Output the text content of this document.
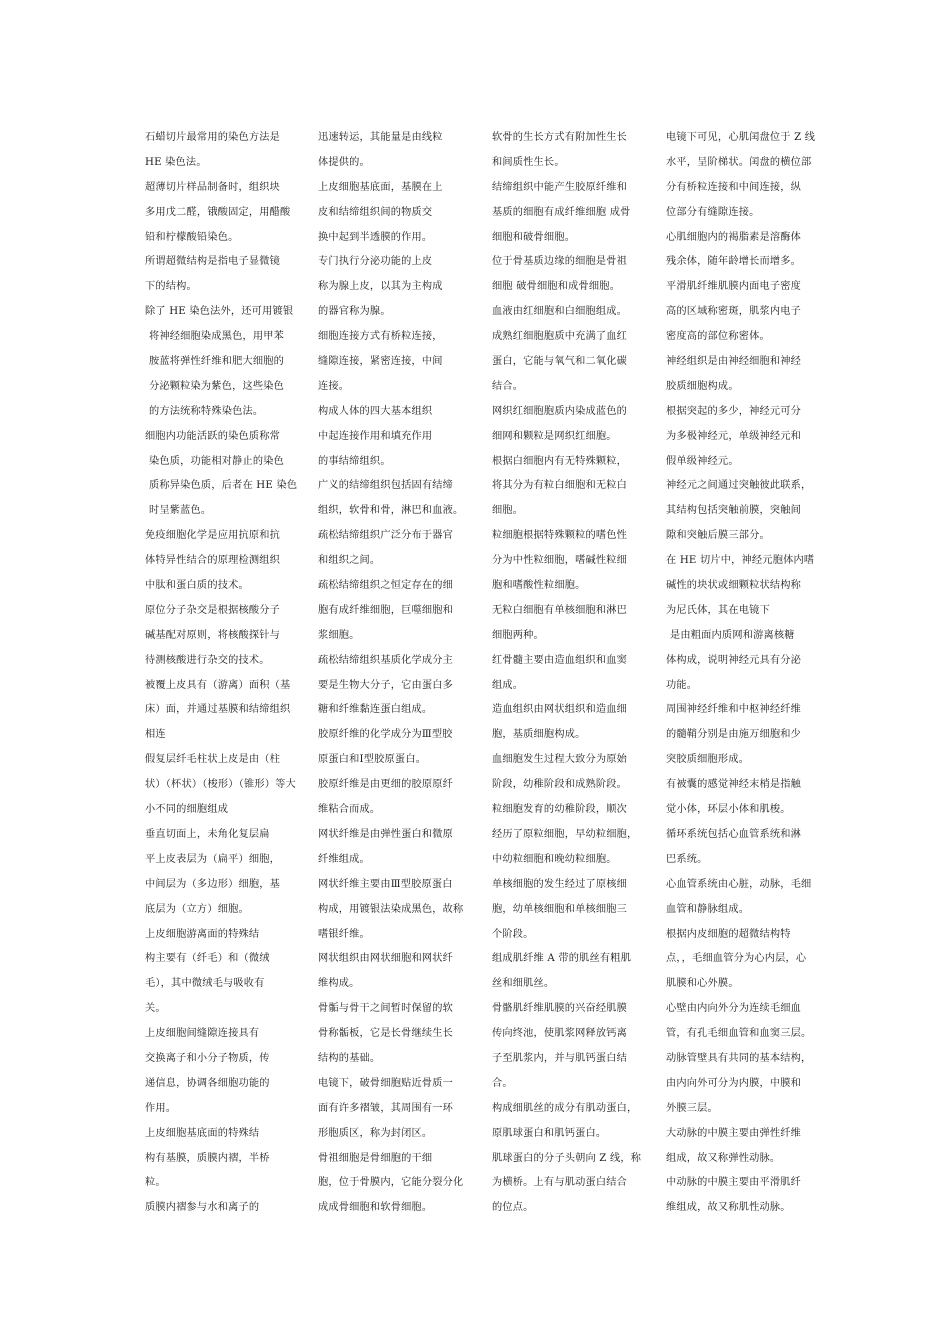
石蜡切片最常用的染色方法是
HE 染色法。
超薄切片样品制备时，组织块
多用戊二醛，锇酸固定，用醋酸
铅和柠檬酸铅染色。
所谓超微结构是指电子显微镜
下的结构。
除了 HE 染色法外，还可用镀银
将神经细胞染成黑色，用甲苯
胺蓝将弹性纤维和肥大细胞的
分泌颗粒染为紫色，这些染色
的方法统称特殊染色法。
细胞内功能活跃的染色质称常
染色质，功能相对静止的染色
质称异染色质，后者在 HE 染色
时呈紫蓝色。
免疫细胞化学是应用抗原和抗
体特异性结合的原理检测组织
中肽和蛋白质的技术。
原位分子杂交是根据核酸分子
碱基配对原则，将核酸探针与
待测核酸进行杂交的技术。
被覆上皮具有（游离）面积（基
床）面，并通过基膜和结缔组织
相连
假复层纤毛柱状上皮是由（柱
状）（杯状）（梭形）（锥形）等大
小不同的细胞组成
垂直切面上，未角化复层扁
平上皮表层为（扁平）细胞，
中间层为（多边形）细胞，基
底层为（立方）细胞。
上皮细胞游离面的特殊结
构主要有（纤毛）和（微绒
毛），其中微绒毛与吸收有
关。
上皮细胞间缝隙连接具有
交换离子和小分子物质，传
递信息，协调各细胞功能的
作用。
上皮细胞基底面的特殊结
构有基膜，质膜内褶，半桥
粒。
质膜内褶参与水和离子的
迅速转运，其能量是由线粒
体提供的。
上皮细胞基底面，基膜在上
皮和结缔组织间的物质交
换中起到半透膜的作用。
专门执行分泌功能的上皮
称为腺上皮，以其为主构成
的器官称为腺。
细胞连接方式有桥粒连接，
缝隙连接，紧密连接，中间
连接。
构成人体的四大基本组织
中起连接作用和填充作用
的事结缔组织。
广义的结缔组织包括固有结缔
组织，软骨和骨，淋巴和血液。
疏松结缔组织广泛分布于器官
和组织之间。
疏松结缔组织之恒定存在的细
胞有成纤维细胞，巨噬细胞和
浆细胞。
疏松结缔组织基质化学成分主
要是生物大分子，它由蛋白多
糖和纤维黏连蛋白组成。
胶原纤维的化学成分为Ⅲ型胶
原蛋白和Ⅰ型胶原蛋白。
胶原纤维是由更细的胶原原纤
维粘合而成。
网状纤维是由弹性蛋白和微原
纤维组成。
网状纤维主要由Ⅲ型胶原蛋白
构成，用镀银法染成黑色，故称
嗜银纤维。
网状组织由网状细胞和网状纤
维构成。
骨骺与骨干之间暂时保留的软
骨称骺板，它是长骨继续生长
结构的基础。
电镜下，破骨细胞贴近骨质一
面有许多褶皱，其周围有一环
形胞质区，称为封闭区。
骨祖细胞是骨细胞的干细
胞，位于骨膜内，它能分裂分化
成成骨细胞和软骨细胞。
软骨的生长方式有附加性生长
和间质性生长。
结缔组织中能产生胶原纤维和
基质的细胞有成纤维细胞 成骨
细胞和破骨细胞。
位于骨基质边缘的细胞是骨祖
细胞 破骨细胞和成骨细胞。
血液由红细胞和白细胞组成。
成熟红细胞胞质中充满了血红
蛋白，它能与氧气和二氧化碳
结合。
网织红细胞胞质内染成蓝色的
细网和颗粒是网织红细胞。
根据白细胞内有无特殊颗粒，
将其分为有粒白细胞和无粒白
细胞。
粒细胞根据特殊颗粒的嗜色性
分为中性粒细胞，嗜碱性粒细
胞和嗜酸性粒细胞。
无粒白细胞有单核细胞和淋巴
细胞两种。
红骨髓主要由造血组织和血窦
组成。
造血组织由网状组织和造血细
胞，基质细胞构成。
血细胞发生过程大致分为原始
阶段，幼稚阶段和成熟阶段。
粒细胞发育的幼稚阶段，顺次
经历了原粒细胞，早幼粒细胞，
中幼粒细胞和晚幼粒细胞。
单核细胞的发生经过了原核细
胞，幼单核细胞和单核细胞三
个阶段。
组成肌纤维 A 带的肌丝有粗肌
丝和细肌丝。
骨骼肌纤维肌膜的兴奋经肌膜
传向终池，使肌浆网释放钙离
子至肌浆内，并与肌钙蛋白结
合。
构成细肌丝的成分有肌动蛋白，
原肌球蛋白和肌钙蛋白。
肌球蛋白的分子头朝向 Z 线，称
为横桥。上有与肌动蛋白结合
的位点。
电镜下可见，心肌闰盘位于 Z 线
水平，呈阶梯状。闰盘的横位部
分有桥粒连接和中间连接，纵
位部分有缝隙连接。
心肌细胞内的褐脂素是溶酶体
残余体，随年龄增长而增多。
平滑肌纤维肌膜内面电子密度
高的区域称密斑，肌浆内电子
密度高的部位称密体。
神经组织是由神经细胞和神经
胶质细胞构成。
根据突起的多少，神经元可分
为多极神经元，单级神经元和
假单级神经元。
神经元之间通过突触彼此联系，
其结构包括突触前膜，突触间
隙和突触后膜三部分。
在 HE 切片中，神经元胞体内嗜
碱性的块状或细颗粒状结构称
为尼氏体，其在电镜下
是由粗面内质网和游离核糖
体构成，说明神经元具有分泌
功能。
周围神经纤维和中枢神经纤维
的髓鞘分别是由施万细胞和少
突胶质细胞形成。
有被囊的感觉神经末梢是指触
觉小体，环层小体和肌梭。
循环系统包括心血管系统和淋
巴系统。
心血管系统由心脏，动脉，毛细
血管和静脉组成。
根据内皮细胞的超微结构特
点，，毛细血管分为心内层，心
肌膜和心外膜。
心壁由内向外分为连续毛细血
管，有孔毛细血管和血窦三层。
动脉管壁具有共同的基本结构，
由内向外可分为内膜，中膜和
外膜三层。
大动脉的中膜主要由弹性纤维
组成，故又称弹性动脉。
中动脉的中膜主要由平滑肌纤
维组成，故又称肌性动脉。
